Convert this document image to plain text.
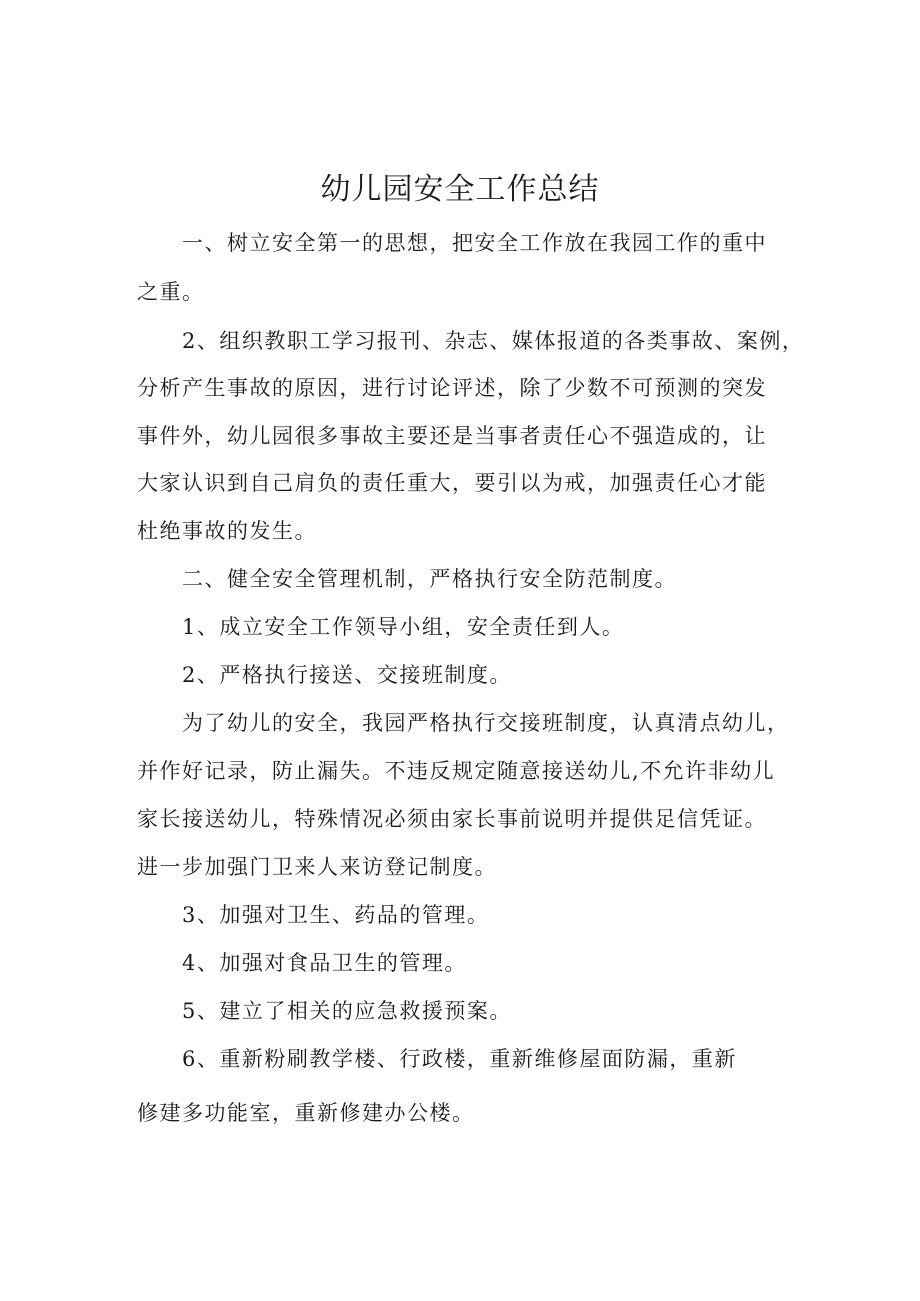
幼儿园安全工作总结
一、树立安全第一的思想，把安全工作放在我园工作的重中
之重。
2、组织教职工学习报刊、杂志、媒体报道的各类事故、案例，
分析产生事故的原因，进行讨论评述，除了少数不可预测的突发
事件外，幼儿园很多事故主要还是当事者责任心不强造成的，让
大家认识到自己肩负的责任重大，要引以为戒，加强责任心才能
杜绝事故的发生。
二、健全安全管理机制，严格执行安全防范制度。
1、成立安全工作领导小组，安全责任到人。
2、严格执行接送、交接班制度。
为了幼儿的安全，我园严格执行交接班制度，认真清点幼儿，
并作好记录，防止漏失。不违反规定随意接送幼儿,不允许非幼儿
家长接送幼儿，特殊情况必须由家长事前说明并提供足信凭证。
进一步加强门卫来人来访登记制度。
3、加强对卫生、药品的管理。
4、加强对食品卫生的管理。
5、建立了相关的应急救援预案。
6、重新粉刷教学楼、行政楼，重新维修屋面防漏，重新
修建多功能室，重新修建办公楼。
